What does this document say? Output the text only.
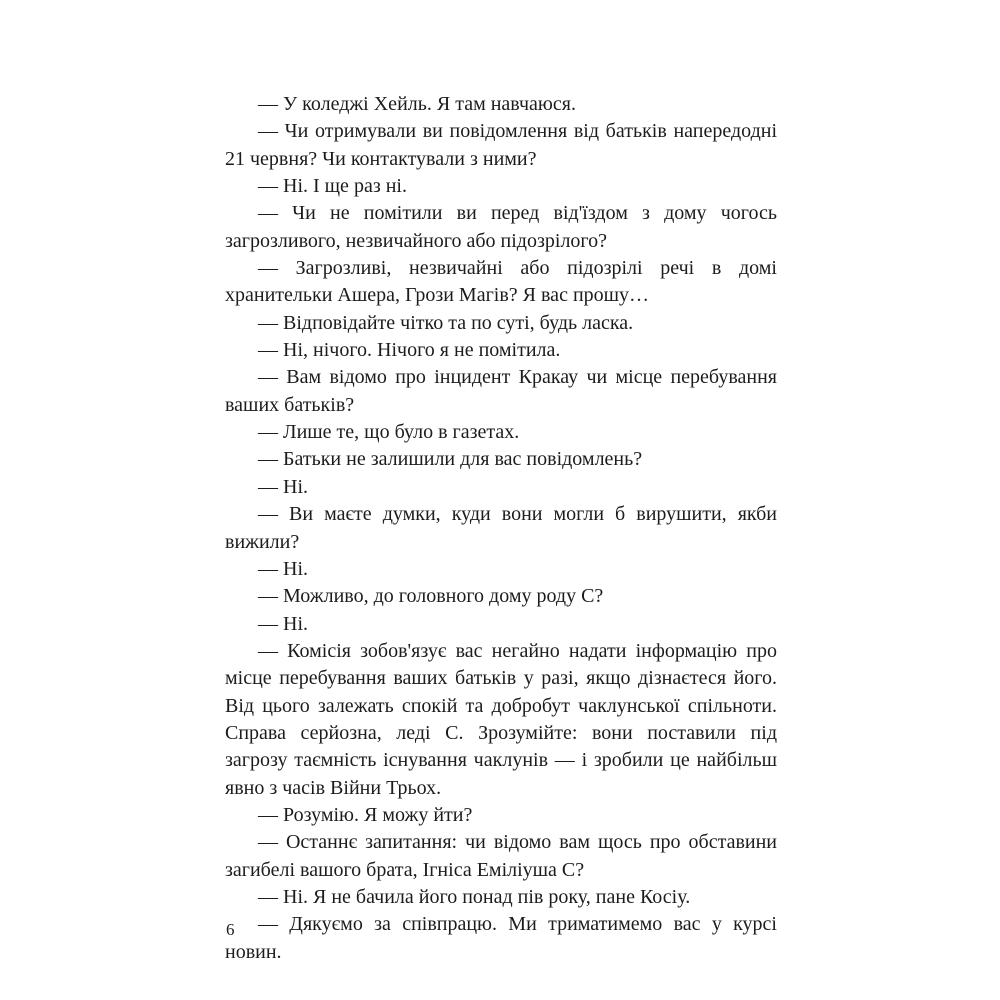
— У коледжі Хейль. Я там навчаюся.

— Чи отримували ви повідомлення від батьків напередодні 21 червня? Чи контактували з ними?

— Ні. І ще раз ні.

— Чи не помітили ви перед від'їздом з дому чогось загрозливого, незвичайного або підозрілого?

— Загрозливі, незвичайні або підозрілі речі в домі хранительки Ашера, Грози Магів? Я вас прошу…

— Відповідайте чітко та по суті, будь ласка.

— Ні, нічого. Нічого я не помітила.

— Вам відомо про інцидент Кракау чи місце перебування ваших батьків?

— Лише те, що було в газетах.

— Батьки не залишили для вас повідомлень?

— Ні.

— Ви маєте думки, куди вони могли б вирушити, якби вижили?

— Ні.

— Можливо, до головного дому роду С?

— Ні.

— Комісія зобов'язує вас негайно надати інформацію про місце перебування ваших батьків у разі, якщо дізнаєтеся його. Від цього залежать спокій та добробут чаклунської спільноти. Справа серйозна, леді С. Зрозумійте: вони поставили під загрозу таємність існування чаклунів — і зробили це найбільш явно з часів Війни Трьох.

— Розумію. Я можу йти?

— Останнє запитання: чи відомо вам щось про обставини загибелі вашого брата, Ігніса Еміліуша С?

— Ні. Я не бачила його понад пів року, пане Косіу.

— Дякуємо за співпрацю. Ми триматимемо вас у курсі новин.

6
